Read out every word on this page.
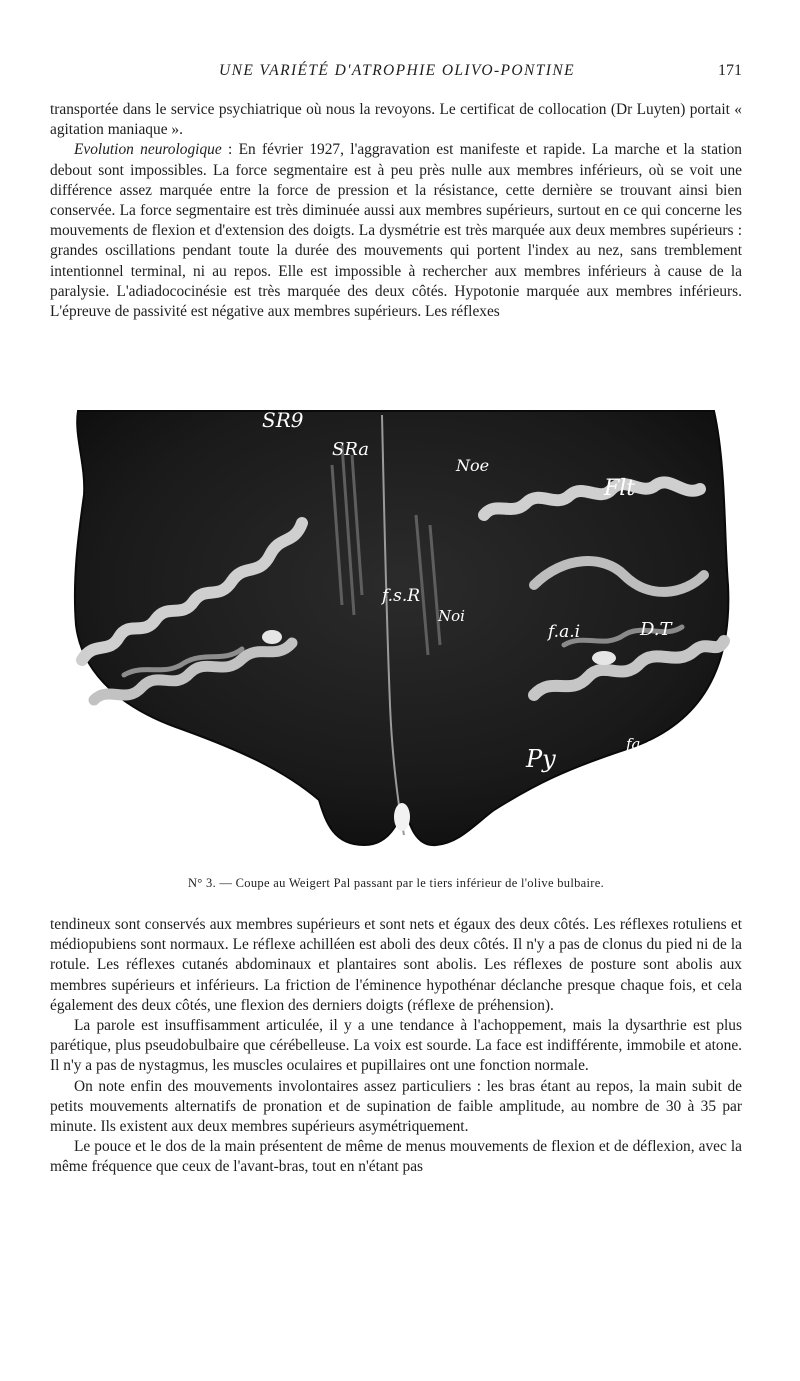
UNE VARIÉTÉ D'ATROPHIE OLIVO-PONTINE	171

transportée dans le service psychiatrique où nous la revoyons. Le certificat de collocation (Dr Luyten) portait « agitation maniaque ».

Evolution neurologique : En février 1927, l'aggravation est manifeste et rapide. La marche et la station debout sont impossibles. La force segmentaire est à peu près nulle aux membres inférieurs, où se voit une différence assez marquée entre la force de pression et la résistance, cette dernière se trouvant ainsi bien conservée. La force segmentaire est très diminuée aussi aux membres supérieurs, surtout en ce qui concerne les mouvements de flexion et d'extension des doigts. La dysmétrie est très marquée aux deux membres supérieurs : grandes oscillations pendant toute la durée des mouvements qui portent l'index au nez, sans tremblement intentionnel terminal, ni au repos. Elle est impossible à rechercher aux membres inférieurs à cause de la paralysie. L'adiadococinésie est très marquée des deux côtés. Hypotonie marquée aux membres inférieurs. L'épreuve de passivité est négative aux membres supérieurs. Les réflexes

SR9
SRa
Noe
Flt
f.s.R
Noi
f.a.i	D.T
Py
fa.e
N° 3. — Coupe au Weigert Pal passant par le tiers inférieur de l'olive bulbaire.

tendineux sont conservés aux membres supérieurs et sont nets et égaux des deux côtés. Les réflexes rotuliens et médiopubiens sont normaux. Le réflexe achilléen est aboli des deux côtés. Il n'y a pas de clonus du pied ni de la rotule. Les réflexes cutanés abdominaux et plantaires sont abolis. Les réflexes de posture sont abolis aux membres supérieurs et inférieurs. La friction de l'éminence hypothénar déclanche presque chaque fois, et cela également des deux côtés, une flexion des derniers doigts (réflexe de préhension).

La parole est insuffisamment articulée, il y a une tendance à l'achoppement, mais la dysarthrie est plus parétique, plus pseudobulbaire que cérébelleuse. La voix est sourde. La face est indifférente, immobile et atone. Il n'y a pas de nystagmus, les muscles oculaires et pupillaires ont une fonction normale.

On note enfin des mouvements involontaires assez particuliers : les bras étant au repos, la main subit de petits mouvements alternatifs de pronation et de supination de faible amplitude, au nombre de 30 à 35 par minute. Ils existent aux deux membres supérieurs asymétriquement.

Le pouce et le dos de la main présentent de même de menus mouvements de flexion et de déflexion, avec la même fréquence que ceux de l'avant-bras, tout en n'étant pas
